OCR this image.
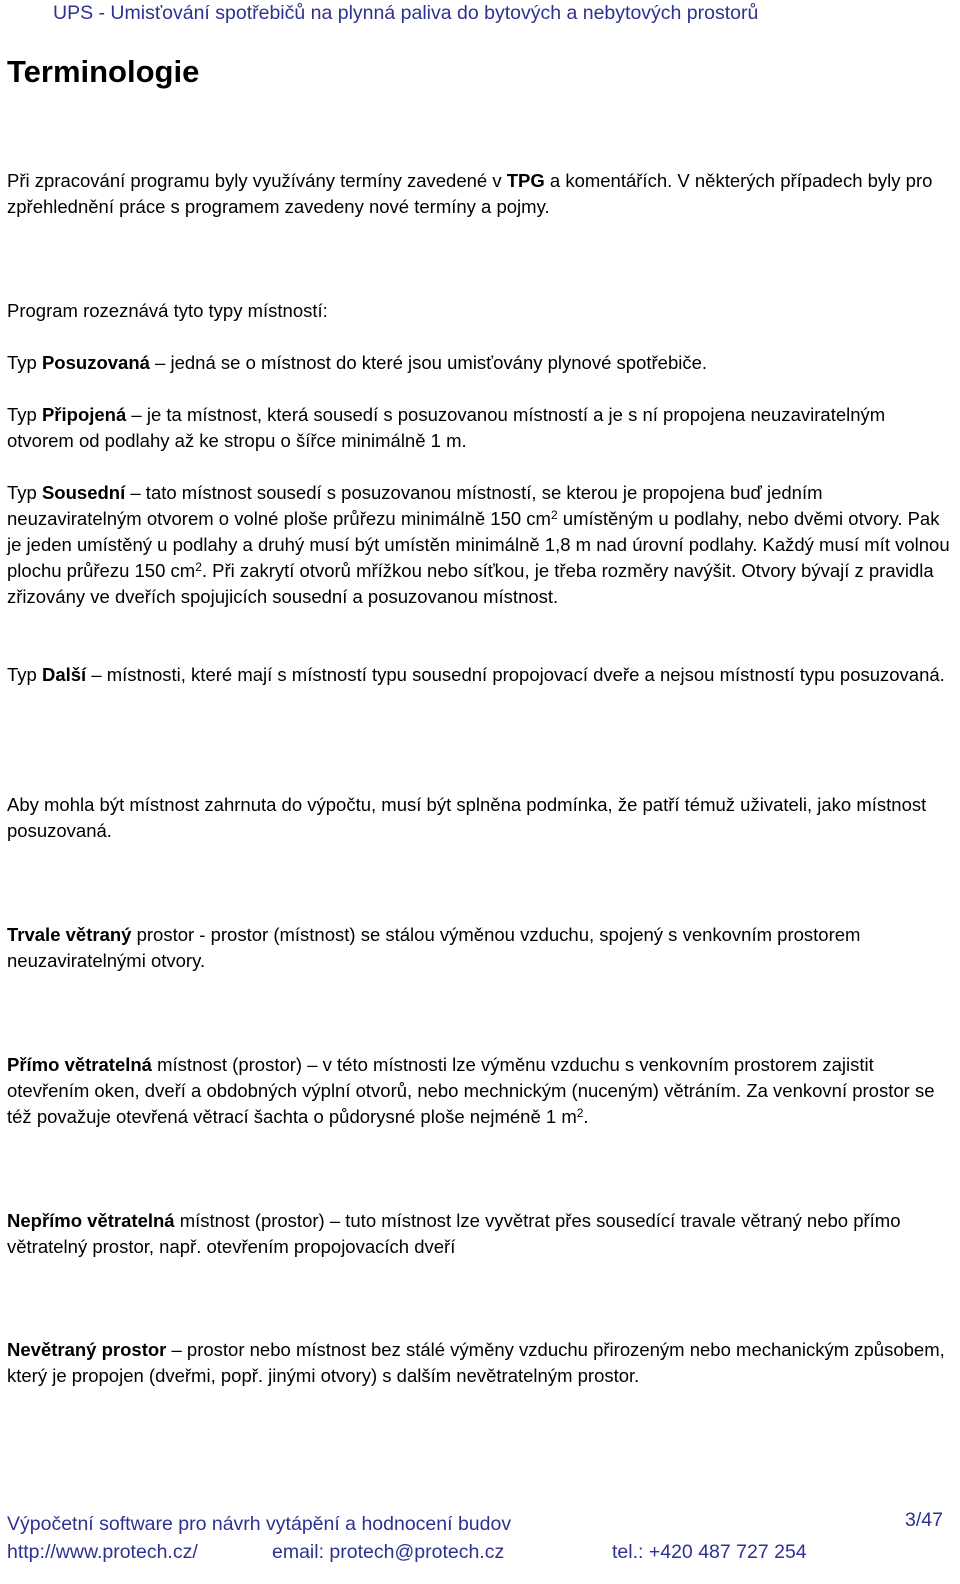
UPS - Umisťování spotřebičů na plynná paliva do bytových a nebytových prostorů
Terminologie

Při zpracování programu byly využívány termíny zavedené v TPG a komentářích. V některých případech byly pro zpřehlednění práce s programem zavedeny nové termíny a pojmy.

Program rozeznává tyto typy místností:

Typ Posuzovaná – jedná se o místnost do které jsou umisťovány plynové spotřebiče.

Typ Připojená – je ta místnost, která sousedí s posuzovanou místností a je s ní propojena neuzaviratelným otvorem od podlahy až ke stropu o šířce minimálně 1 m.

Typ Sousední – tato místnost sousedí s posuzovanou místností, se kterou je propojena buď jedním neuzaviratelným otvorem o volné ploše průřezu minimálně 150 $cm^2$ umístěným u podlahy, nebo dvěmi otvory. Pak je jeden umístěný u podlahy a druhý musí být umístěn minimálně 1,8 m nad úrovní podlahy. Každý musí mít volnou plochu průřezu 150 $cm^2$. Při zakrytí otvorů mřížkou nebo síťkou, je třeba rozměry navýšit. Otvory bývají z pravidla zřizovány ve dveřích spojujicích sousední a posuzovanou místnost.

Typ Další – místnosti, které mají s místností typu sousední propojovací dveře a nejsou místností typu posuzovaná.

Aby mohla být místnost zahrnuta do výpočtu, musí být splněna podmínka, že patří témuž uživateli, jako místnost posuzovaná.

Trvale větraný prostor - prostor (místnost) se stálou výměnou vzduchu, spojený s venkovním prostorem neuzaviratelnými otvory.

Přímo větratelná místnost (prostor) – v této místnosti lze výměnu vzduchu s venkovním prostorem zajistit otevřením oken, dveří a obdobných výplní otvorů, nebo mechnickým (nuceným) větráním. Za venkovní prostor se též považuje otevřená větrací šachta o půdorysné ploše nejméně 1 $m^2$.

Nepřímo větratelná místnost (prostor) – tuto místnost lze vyvětrat přes sousedící travale větraný nebo přímo větratelný prostor, např. otevřením propojovacích dveří

Nevětraný prostor – prostor nebo místnost bez stálé výměny vzduchu přirozeným nebo mechanickým způsobem, který je propojen (dveřmi, popř. jinými otvory) s dalším nevětratelným prostor.

Výpočetní software pro návrh vytápění a hodnocení budov	3/47
http://www.protech.cz/	email: protech@protech.cz	tel.: +420 487 727 254
